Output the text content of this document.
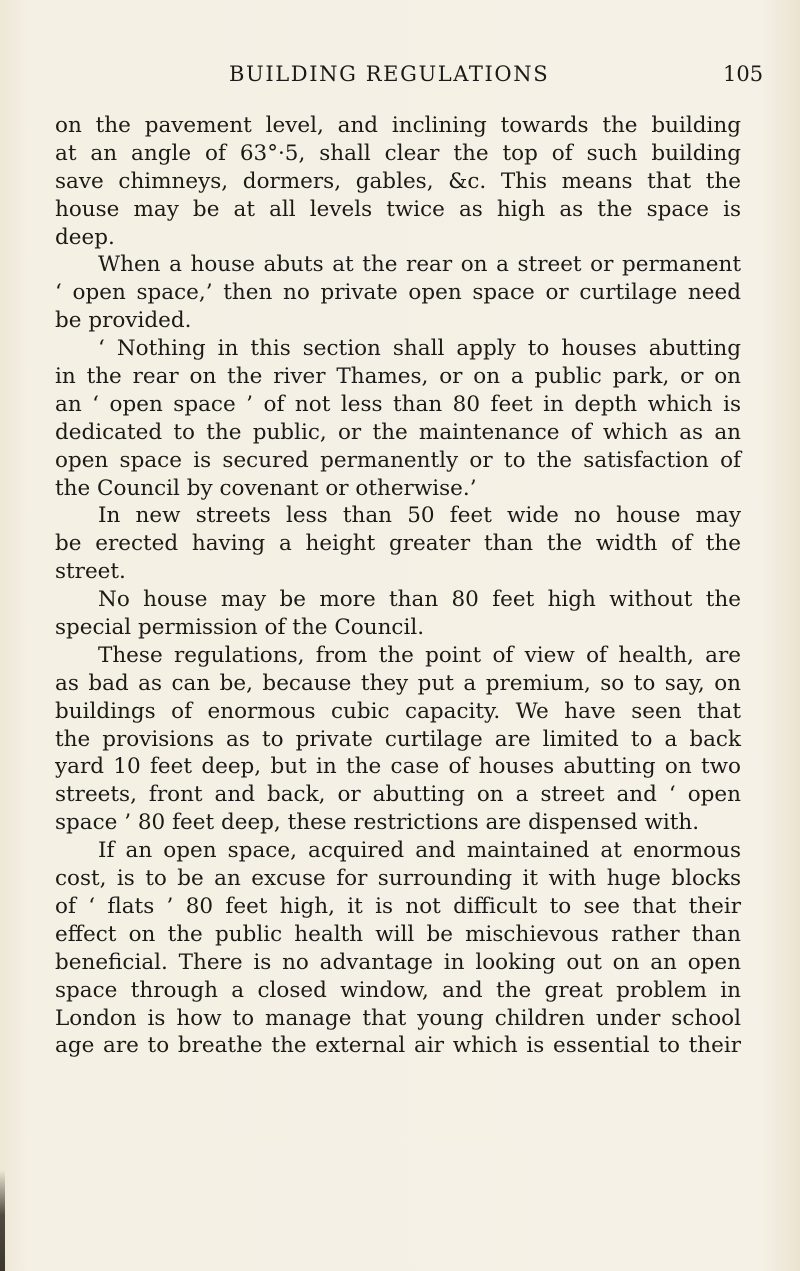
BUILDING REGULATIONS	105
on the pavement level, and inclining towards the building
at an angle of 63°·5, shall clear the top of such building
save chimneys, dormers, gables, &c. This means that the
house may be at all levels twice as high as the space is
deep.
When a house abuts at the rear on a street or permanent
‘ open space,’ then no private open space or curtilage need
be provided.
‘ Nothing in this section shall apply to houses abutting
in the rear on the river Thames, or on a public park, or on
an ‘ open space ’ of not less than 80 feet in depth which is
dedicated to the public, or the maintenance of which as an
open space is secured permanently or to the satisfaction of
the Council by covenant or otherwise.’
In new streets less than 50 feet wide no house may
be erected having a height greater than the width of the
street.
No house may be more than 80 feet high without the
special permission of the Council.
These regulations, from the point of view of health, are
as bad as can be, because they put a premium, so to say, on
buildings of enormous cubic capacity. We have seen that
the provisions as to private curtilage are limited to a back
yard 10 feet deep, but in the case of houses abutting on two
streets, front and back, or abutting on a street and ‘ open
space ’ 80 feet deep, these restrictions are dispensed with.
If an open space, acquired and maintained at enormous
cost, is to be an excuse for surrounding it with huge blocks
of ‘ flats ’ 80 feet high, it is not difficult to see that their
effect on the public health will be mischievous rather than
beneficial. There is no advantage in looking out on an open
space through a closed window, and the great problem in
London is how to manage that young children under school
age are to breathe the external air which is essential to their
